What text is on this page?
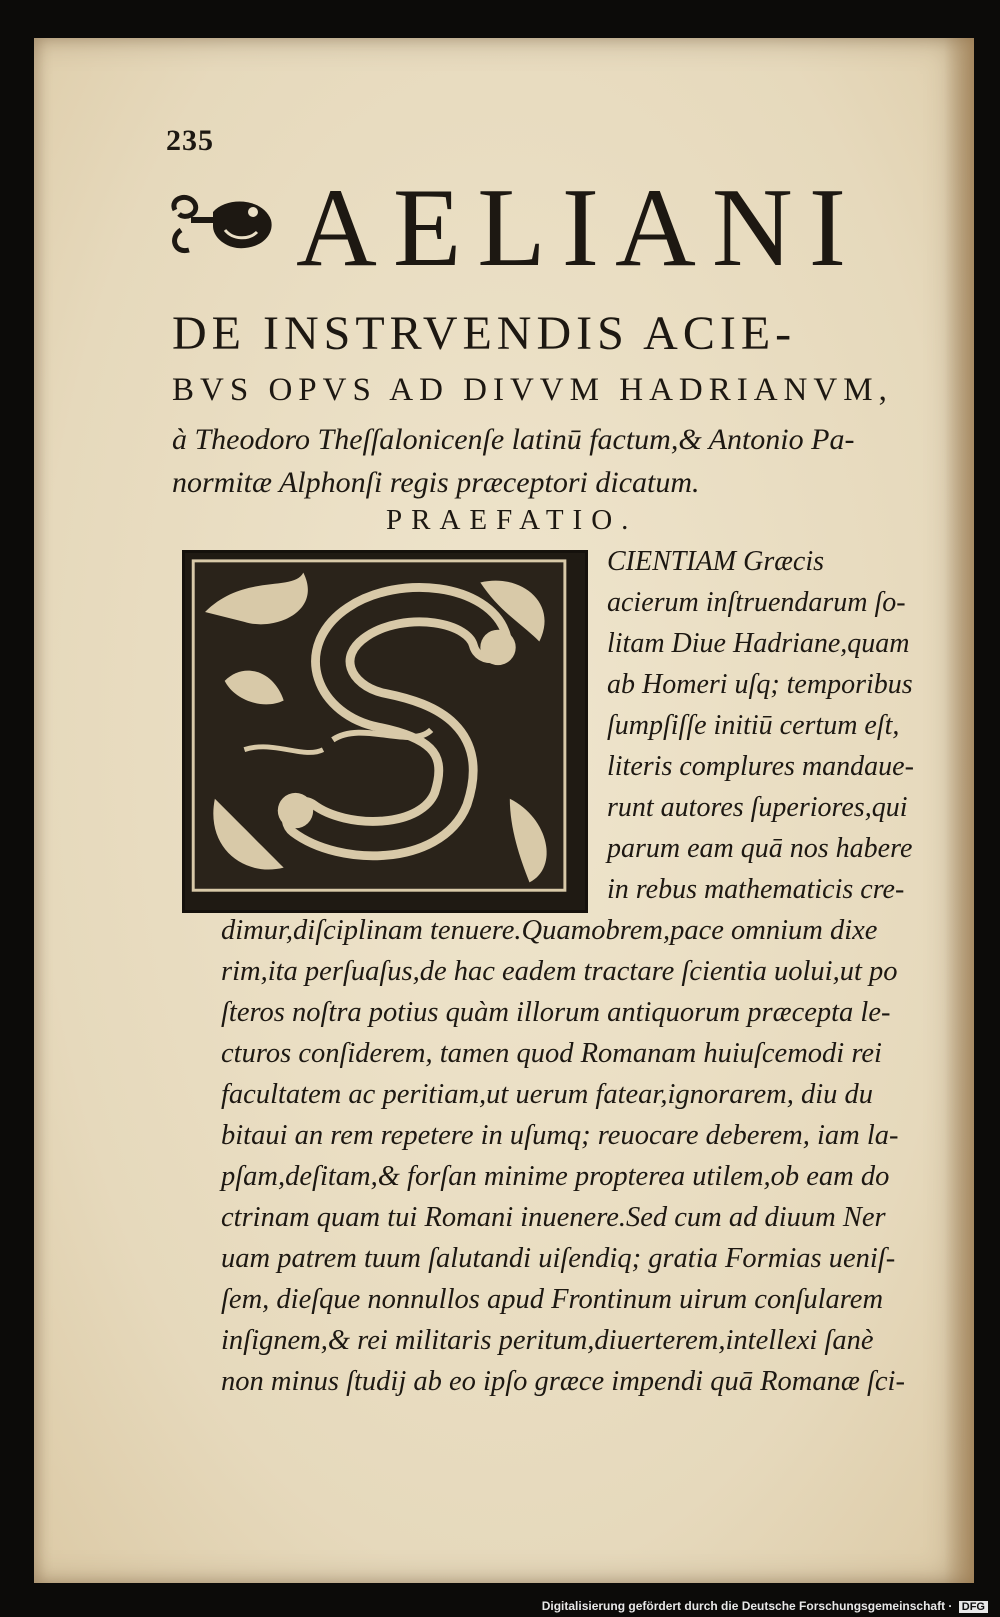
235
AELIANI
DE INSTRVENDIS ACIE-
BVS OPVS AD DIVVM HADRIANVM,
à Theodoro Theſſalonicenſe latinū factum,& Antonio Pa-
normitæ Alphonſi regis præceptori dicatum.
PRAEFATIO.
CIENTIAM Græcis
acierum inſtruendarum ſo-
litam Diue Hadriane,quam
ab Homeri uſq; temporibus
ſumpſiſſe initiū certum eſt,
literis complures mandaue-
runt autores ſuperiores,qui
parum eam quā nos habere
in rebus mathematicis cre-
dimur,diſciplinam tenuere.Quamobrem,pace omnium dixe
rim,ita perſuaſus,de hac eadem tractare ſcientia uolui,ut po
ſteros noſtra potius quàm illorum antiquorum præcepta le-
cturos conſiderem, tamen quod Romanam huiuſcemodi rei
facultatem ac peritiam,ut uerum fatear,ignorarem, diu du
bitaui an rem repetere in uſumq; reuocare deberem, iam la-
pſam,deſitam,& forſan minime propterea utilem,ob eam do
ctrinam quam tui Romani inuenere.Sed cum ad diuum Ner
uam patrem tuum ſalutandi uiſendiq; gratia Formias ueniſ-
ſem, dieſque nonnullos apud Frontinum uirum conſularem
inſignem,& rei militaris peritum,diuerterem,intellexi ſanè
non minus ſtudij ab eo ipſo græce impendi quā Romanæ ſci-
Digitalisierung gefördert durch die Deutsche Forschungsgemeinschaft · DFG
